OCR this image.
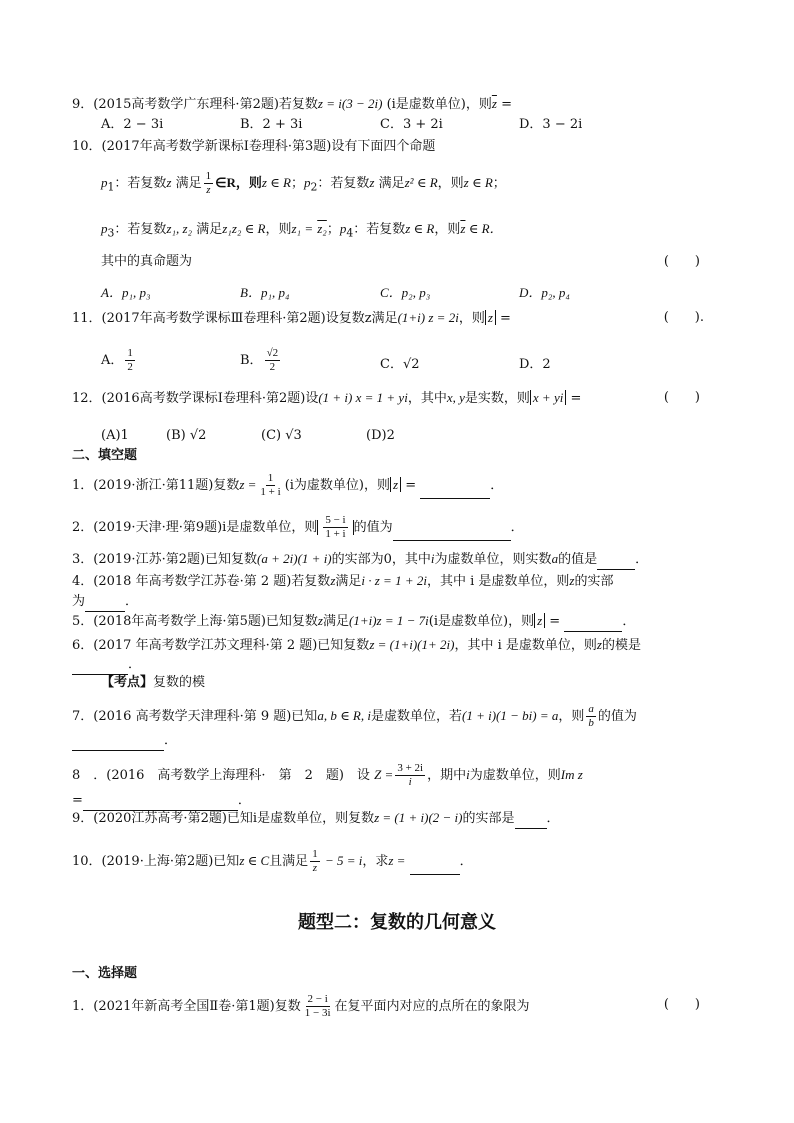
9．(2015高考数学广东理科·第2题)若复数z = i(3 − 2i) (i是虚数单位)，则$\overline{z}$ =
A．2 − 3i	B．2 + 3i	C．3 + 2i	D．3 − 2i
10．(2017年高考数学新课标Ⅰ卷理科·第3题)设有下面四个命题
$p_1$：若复数z 满足 $\frac{1}{z}$ ∈R，则z ∈ R；$p_2$：若复数z 满足z² ∈ R，则z ∈ R；
$p_3$：若复数z₁, z₂ 满足z₁z₂ ∈ R，则z₁ = z₂；$p_4$：若复数z ∈ R，则$\overline{z}$ ∈ R．
其中的真命题为	(　　)
A．p₁, p₃	B．p₁, p₄	C．p₂, p₃	D．p₂, p₄
11．(2017年高考数学课标Ⅲ卷理科·第2题)设复数z满足(1+i) z = 2i，则 z =	(　　).
A． $\frac{1}{2}$	B． $\frac{√2}{2}$	C．√2	D．2
12．(2016高考数学课标Ⅰ卷理科·第2题)设(1 + i) x = 1 + yi，其中x, y是实数，则 x + yi =	(　　)
(A)1	(B) √2	(C) √3	(D)2
二、填空题
1．(2019·浙江·第11题)复数$z = \frac{1}{1 + i} (i$为虚数单位)，则 z =	．
2．(2019·天津·理·第9题)i是虚数单位，则 $\frac{5 - i}{1 + i}$ 的值为	．
3．(2019·江苏·第2题)已知复数(a + 2i)(1 + i)的实部为0，其中i为虚数单位，则实数a的值是	．
4．(2018 年高考数学江苏卷·第 2 题)若复数z满足i · z = 1 + 2i，其中 i 是虚数单位，则z的实部
为	．
5．(2018年高考数学上海·第5题)已知复数z满足(1+i)z = 1 − 7i(i是虚数单位)，则 z =	．
6．(2017 年高考数学江苏文理科·第 2 题)已知复数z = (1+i)(1+ 2i)，其中 i 是虚数单位，则z的模是
．
【考点】复数的模
7．(2016 高考数学天津理科·第 9 题)已知a, b ∈ R, i是虚数单位，若(1 + i)(1 − bi) = a，则 $\frac{a}{b}$ 的值为
．
8　．(2016　高考数学上海理科·　第　2　题)　设 $Z = \frac{3 + 2i}{i}$ ，期中i为虚数单位，则Im z
=	．
9．(2020江苏高考·第2题)已知i是虚数单位，则复数z = (1 + i)(2 − i)的实部是 ．
10．(2019·上海·第2题)已知z ∈ C且满足 $\frac{1}{z} - 5 = i$，求z =	．
题型二：复数的几何意义
一、选择题
1．(2021年新高考全国Ⅱ卷·第1题)复数 $\frac{2 - i}{1 - 3i}$ 在复平面内对应的点所在的象限为	(　　)
